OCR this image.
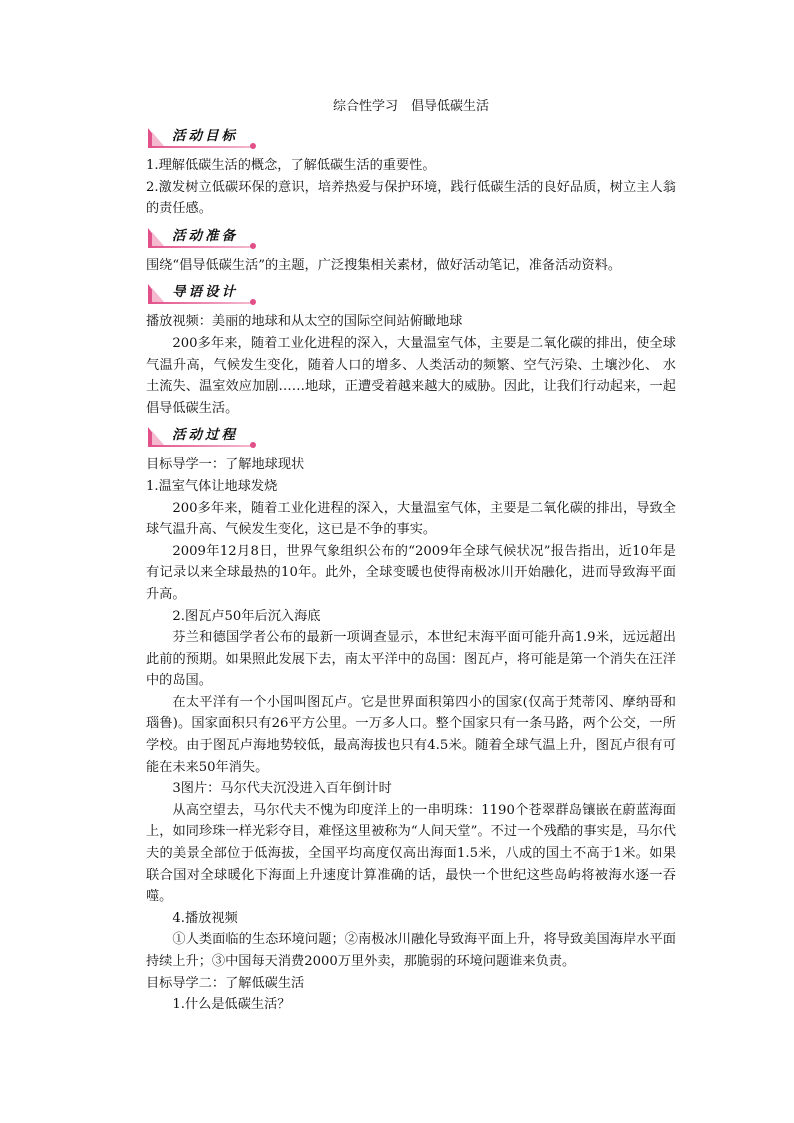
综合性学习　倡导低碳生活
活动目标

1.理解低碳生活的概念，了解低碳生活的重要性。

2.激发树立低碳环保的意识，培养热爱与保护环境，践行低碳生活的良好品质，树立主人翁的责任感。

活动准备

围绕“倡导低碳生活”的主题，广泛搜集相关素材，做好活动笔记，准备活动资料。

导语设计

播放视频：美丽的地球和从太空的国际空间站俯瞰地球

200多年来，随着工业化进程的深入，大量温室气体，主要是二氧化碳的排出，使全球气温升高，气候发生变化，随着人口的增多、人类活动的频繁、空气污染、土壤沙化、 水土流失、温室效应加剧……地球，正遭受着越来越大的威胁。因此，让我们行动起来，一起倡导低碳生活。

活动过程

目标导学一：了解地球现状

1.温室气体让地球发烧

200多年来，随着工业化进程的深入，大量温室气体，主要是二氧化碳的排出，导致全球气温升高、气候发生变化，这已是不争的事实。

2009年12月8日，世界气象组织公布的“2009年全球气候状况”报告指出，近10年是有记录以来全球最热的10年。此外，全球变暖也使得南极冰川开始融化，进而导致海平面升高。

2.图瓦卢50年后沉入海底

芬兰和德国学者公布的最新一项调查显示，本世纪末海平面可能升高1.9米，远远超出此前的预期。如果照此发展下去，南太平洋中的岛国：图瓦卢，将可能是第一个消失在汪洋中的岛国。

在太平洋有一个小国叫图瓦卢。它是世界面积第四小的国家(仅高于梵蒂冈、摩纳哥和瑙鲁)。国家面积只有26平方公里。一万多人口。整个国家只有一条马路，两个公交，一所学校。由于图瓦卢海地势较低，最高海拔也只有4.5米。随着全球气温上升，图瓦卢很有可能在未来50年消失。

3图片：马尔代夫沉没进入百年倒计时

从高空望去，马尔代夫不愧为印度洋上的一串明珠：1190个苍翠群岛镶嵌在蔚蓝海面上，如同珍珠一样光彩夺目，难怪这里被称为“人间天堂”。不过一个残酷的事实是，马尔代夫的美景全部位于低海拔，全国平均高度仅高出海面1.5米，八成的国土不高于1米。如果联合国对全球暖化下海面上升速度计算准确的话，最快一个世纪这些岛屿将被海水逐一吞噬。

4.播放视频

①人类面临的生态环境问题；②南极冰川融化导致海平面上升，将导致美国海岸水平面持续上升；③中国每天消费2000万里外卖，那脆弱的环境问题谁来负责。

目标导学二：了解低碳生活

1.什么是低碳生活？
